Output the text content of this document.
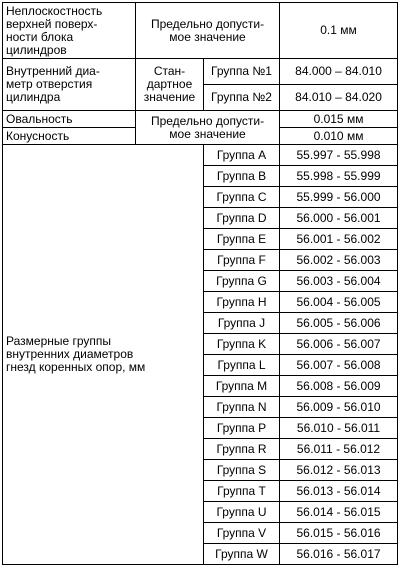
Неплоскостность
верхней поверх-
ности блока
цилиндров	Предельно допусти-
мое значение		0.1 мм
Внутренний диа-
метр отверстия
цилиндра	Стан-
дартное
значение	Группа №1	84.000 – 84.010
		Группа №2	84.010 – 84.020
Овальность	Предельно допусти-
мое значение		0.015 мм
Конусность			0.010 мм
Размерные группы
внутренних диаметров
гнезд коренных опор, мм		Группа A	55.997 - 55.998
		Группа B	55.998 - 55.999
		Группа C	55.999 - 56.000
		Группа D	56.000 - 56.001
		Группа E	56.001 - 56.002
		Группа F	56.002 - 56.003
		Группа G	56.003 - 56.004
		Группа H	56.004 - 56.005
		Группа J	56.005 - 56.006
		Группа K	56.006 - 56.007
		Группа L	56.007 - 56.008
		Группа M	56.008 - 56.009
		Группа N	56.009 - 56.010
		Группа P	56.010 - 56.011
		Группа R	56.011 - 56.012
		Группа S	56.012 - 56.013
		Группа T	56.013 - 56.014
		Группа U	56.014 - 56.015
		Группа V	56.015 - 56.016
		Группа W	56.016 - 56.017
